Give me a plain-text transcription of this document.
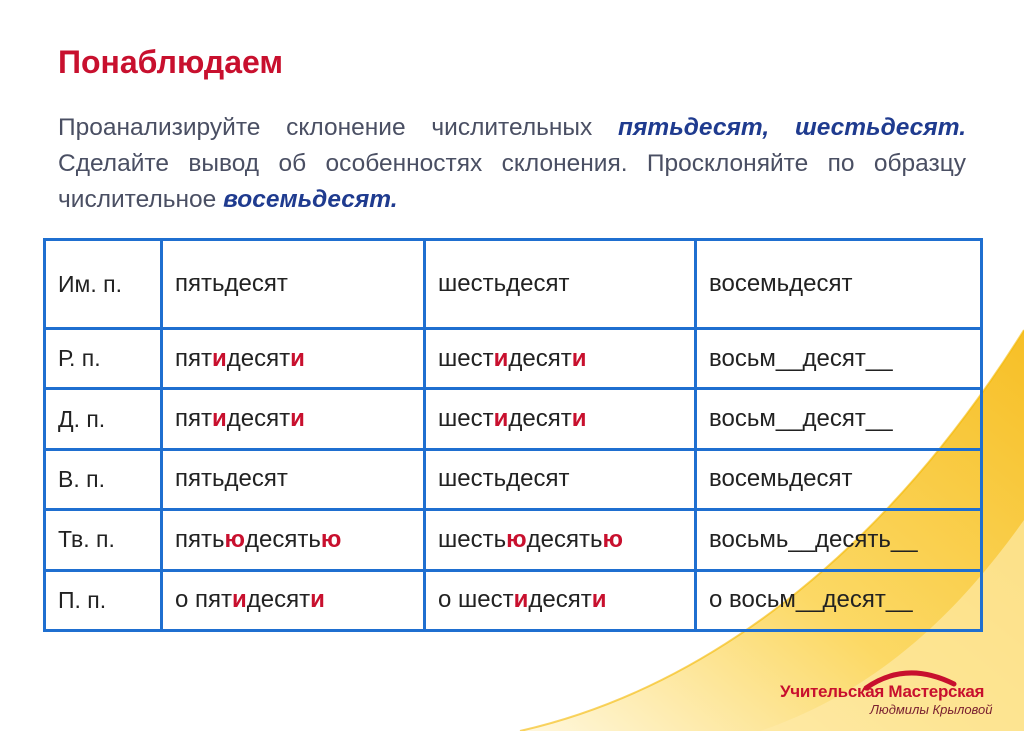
Понаблюдаем

Проанализируйте склонение числительных пятьдесят, шестьдесят. Сделайте вывод об особенностях склонения. Просклоняйте по образцу числительное восемьдесят.

Им. п.	пятьдесят	шестьдесят	восемьдесят
Р. п.	пятидесяти	шестидесяти	восьм__десят__
Д. п.	пятидесяти	шестидесяти	восьм__десят__
В. п.	пятьдесят	шестьдесят	восемьдесят
Тв. п.	пятьюдесятью	шестьюдесятью	восьмь__десять__
П. п.	о пятидесяти	о шестидесяти	о восьм__десят__
Учительская Мастерская
Людмилы Крыловой
